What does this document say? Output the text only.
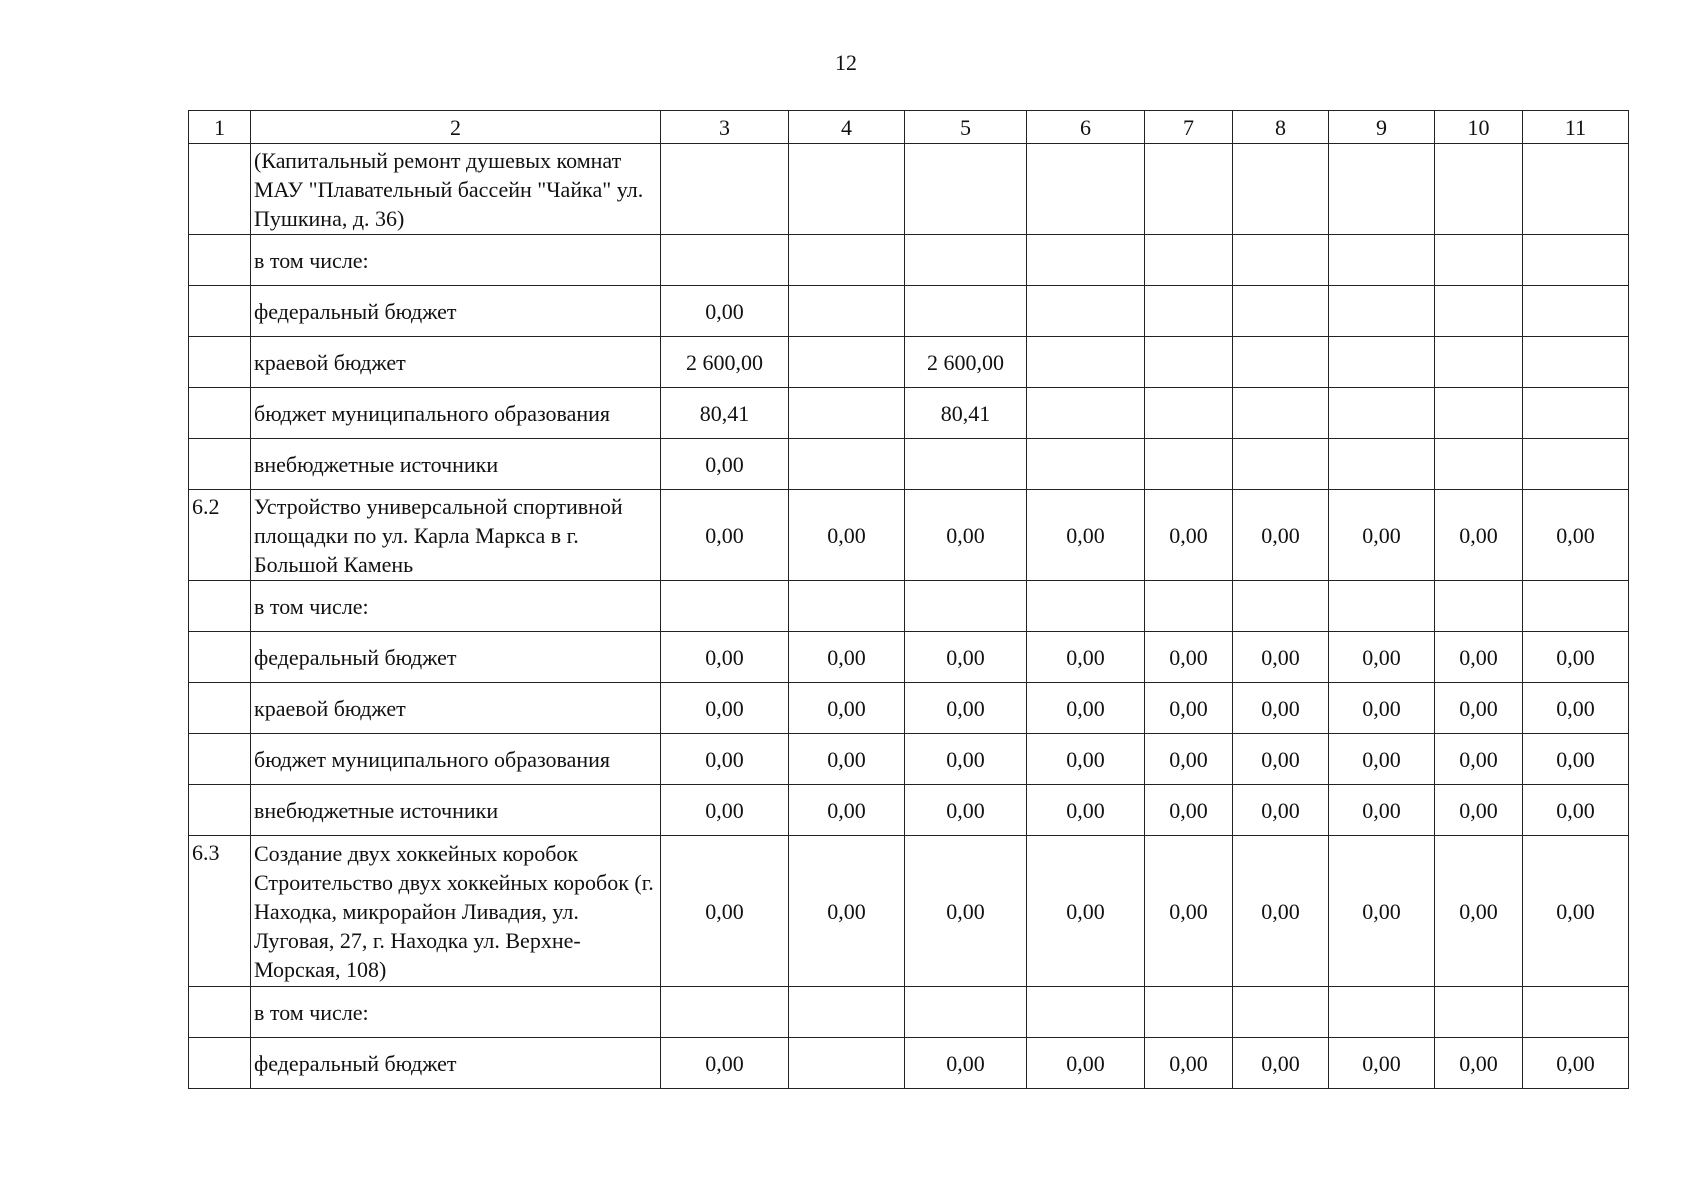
12
1	2	3	4	5	6	7	8	9	10	11
	(Капитальный ремонт душевых комнат МАУ "Плавательный бассейн "Чайка" ул. Пушкина, д. 36)									
	в том числе:									
	федеральный бюджет	0,00								
	краевой бюджет	2 600,00		2 600,00						
	бюджет муниципального образования	80,41		80,41						
	внебюджетные источники	0,00								
6.2	Устройство универсальной спортивной площадки по ул. Карла Маркса в г. Большой Камень	0,00	0,00	0,00	0,00	0,00	0,00	0,00	0,00	0,00
	в том числе:									
	федеральный бюджет	0,00	0,00	0,00	0,00	0,00	0,00	0,00	0,00	0,00
	краевой бюджет	0,00	0,00	0,00	0,00	0,00	0,00	0,00	0,00	0,00
	бюджет муниципального образования	0,00	0,00	0,00	0,00	0,00	0,00	0,00	0,00	0,00
	внебюджетные источники	0,00	0,00	0,00	0,00	0,00	0,00	0,00	0,00	0,00
6.3	Создание двух хоккейных коробок Строительство двух хоккейных коробок (г. Находка, микрорайон Ливадия, ул. Луговая, 27, г. Находка ул. Верхне-Морская, 108)	0,00	0,00	0,00	0,00	0,00	0,00	0,00	0,00	0,00
	в том числе:									
	федеральный бюджет	0,00		0,00	0,00	0,00	0,00	0,00	0,00	0,00
